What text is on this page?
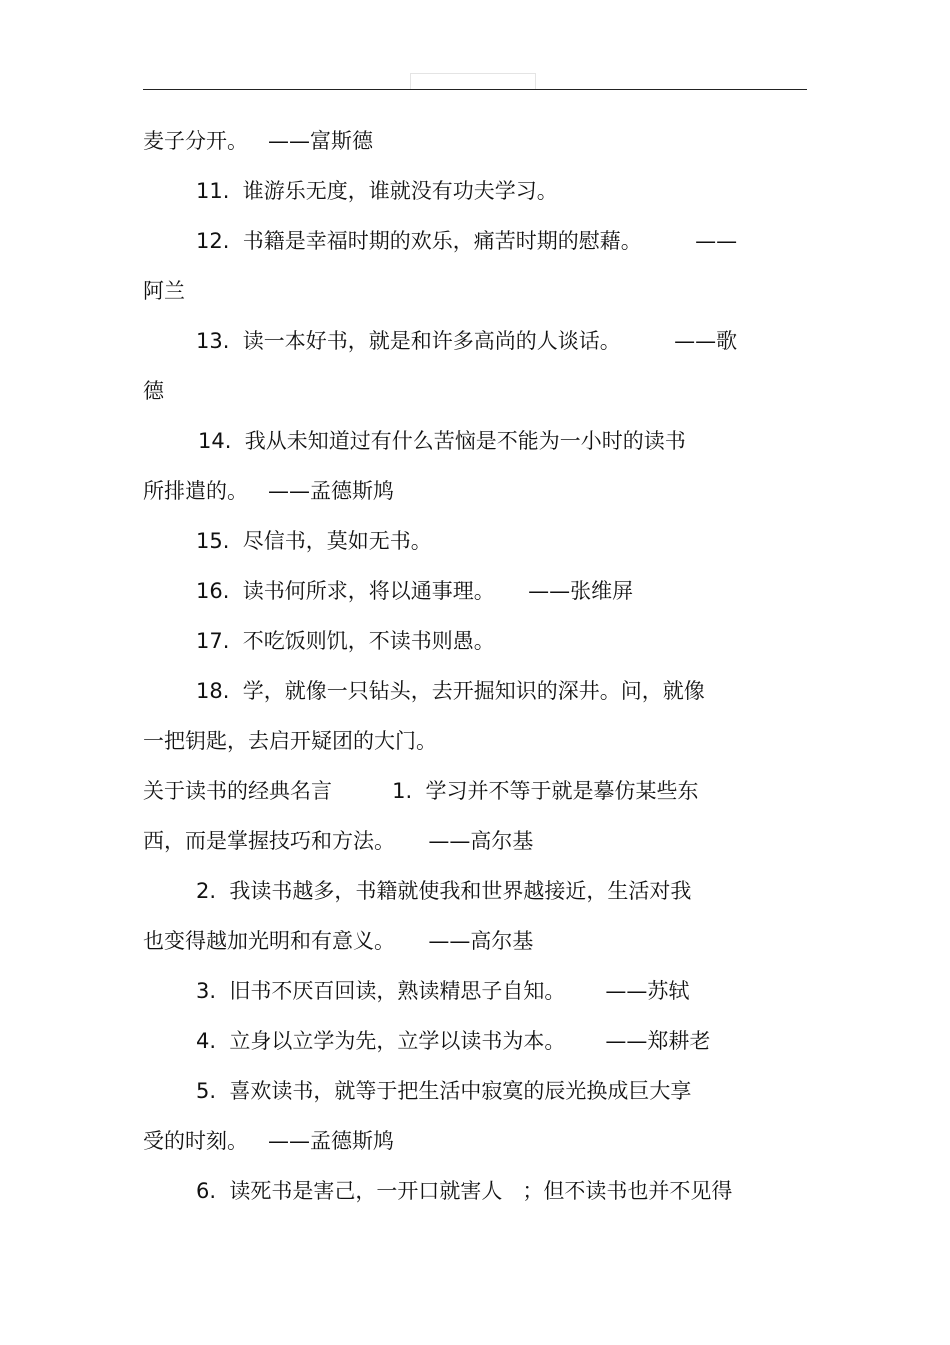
麦子分开。   ——富斯德
11.  谁游乐无度，谁就没有功夫学习。
12.  书籍是幸福时期的欢乐，痛苦时期的慰藉。        ——
阿兰
13.  读一本好书，就是和许多高尚的人谈话。        ——歌
德
14.  我从未知道过有什么苦恼是不能为一小时的读书
所排遣的。   ——孟德斯鸠
15.  尽信书，莫如无书。
16.  读书何所求，将以通事理。     ——张维屏
17.  不吃饭则饥，不读书则愚。
18.  学，就像一只钻头，去开掘知识的深井。问，就像
一把钥匙，去启开疑团的大门。
关于读书的经典名言         1.  学习并不等于就是摹仿某些东
西，而是掌握技巧和方法。     ——高尔基
2.  我读书越多，书籍就使我和世界越接近，生活对我
也变得越加光明和有意义。     ——高尔基
3.  旧书不厌百回读，熟读精思子自知。      ——苏轼
4.  立身以立学为先，立学以读书为本。      ——郑耕老
5.  喜欢读书，就等于把生活中寂寞的辰光换成巨大享
受的时刻。   ——孟德斯鸠
6.  读死书是害己，一开口就害人   ；但不读书也并不见得
